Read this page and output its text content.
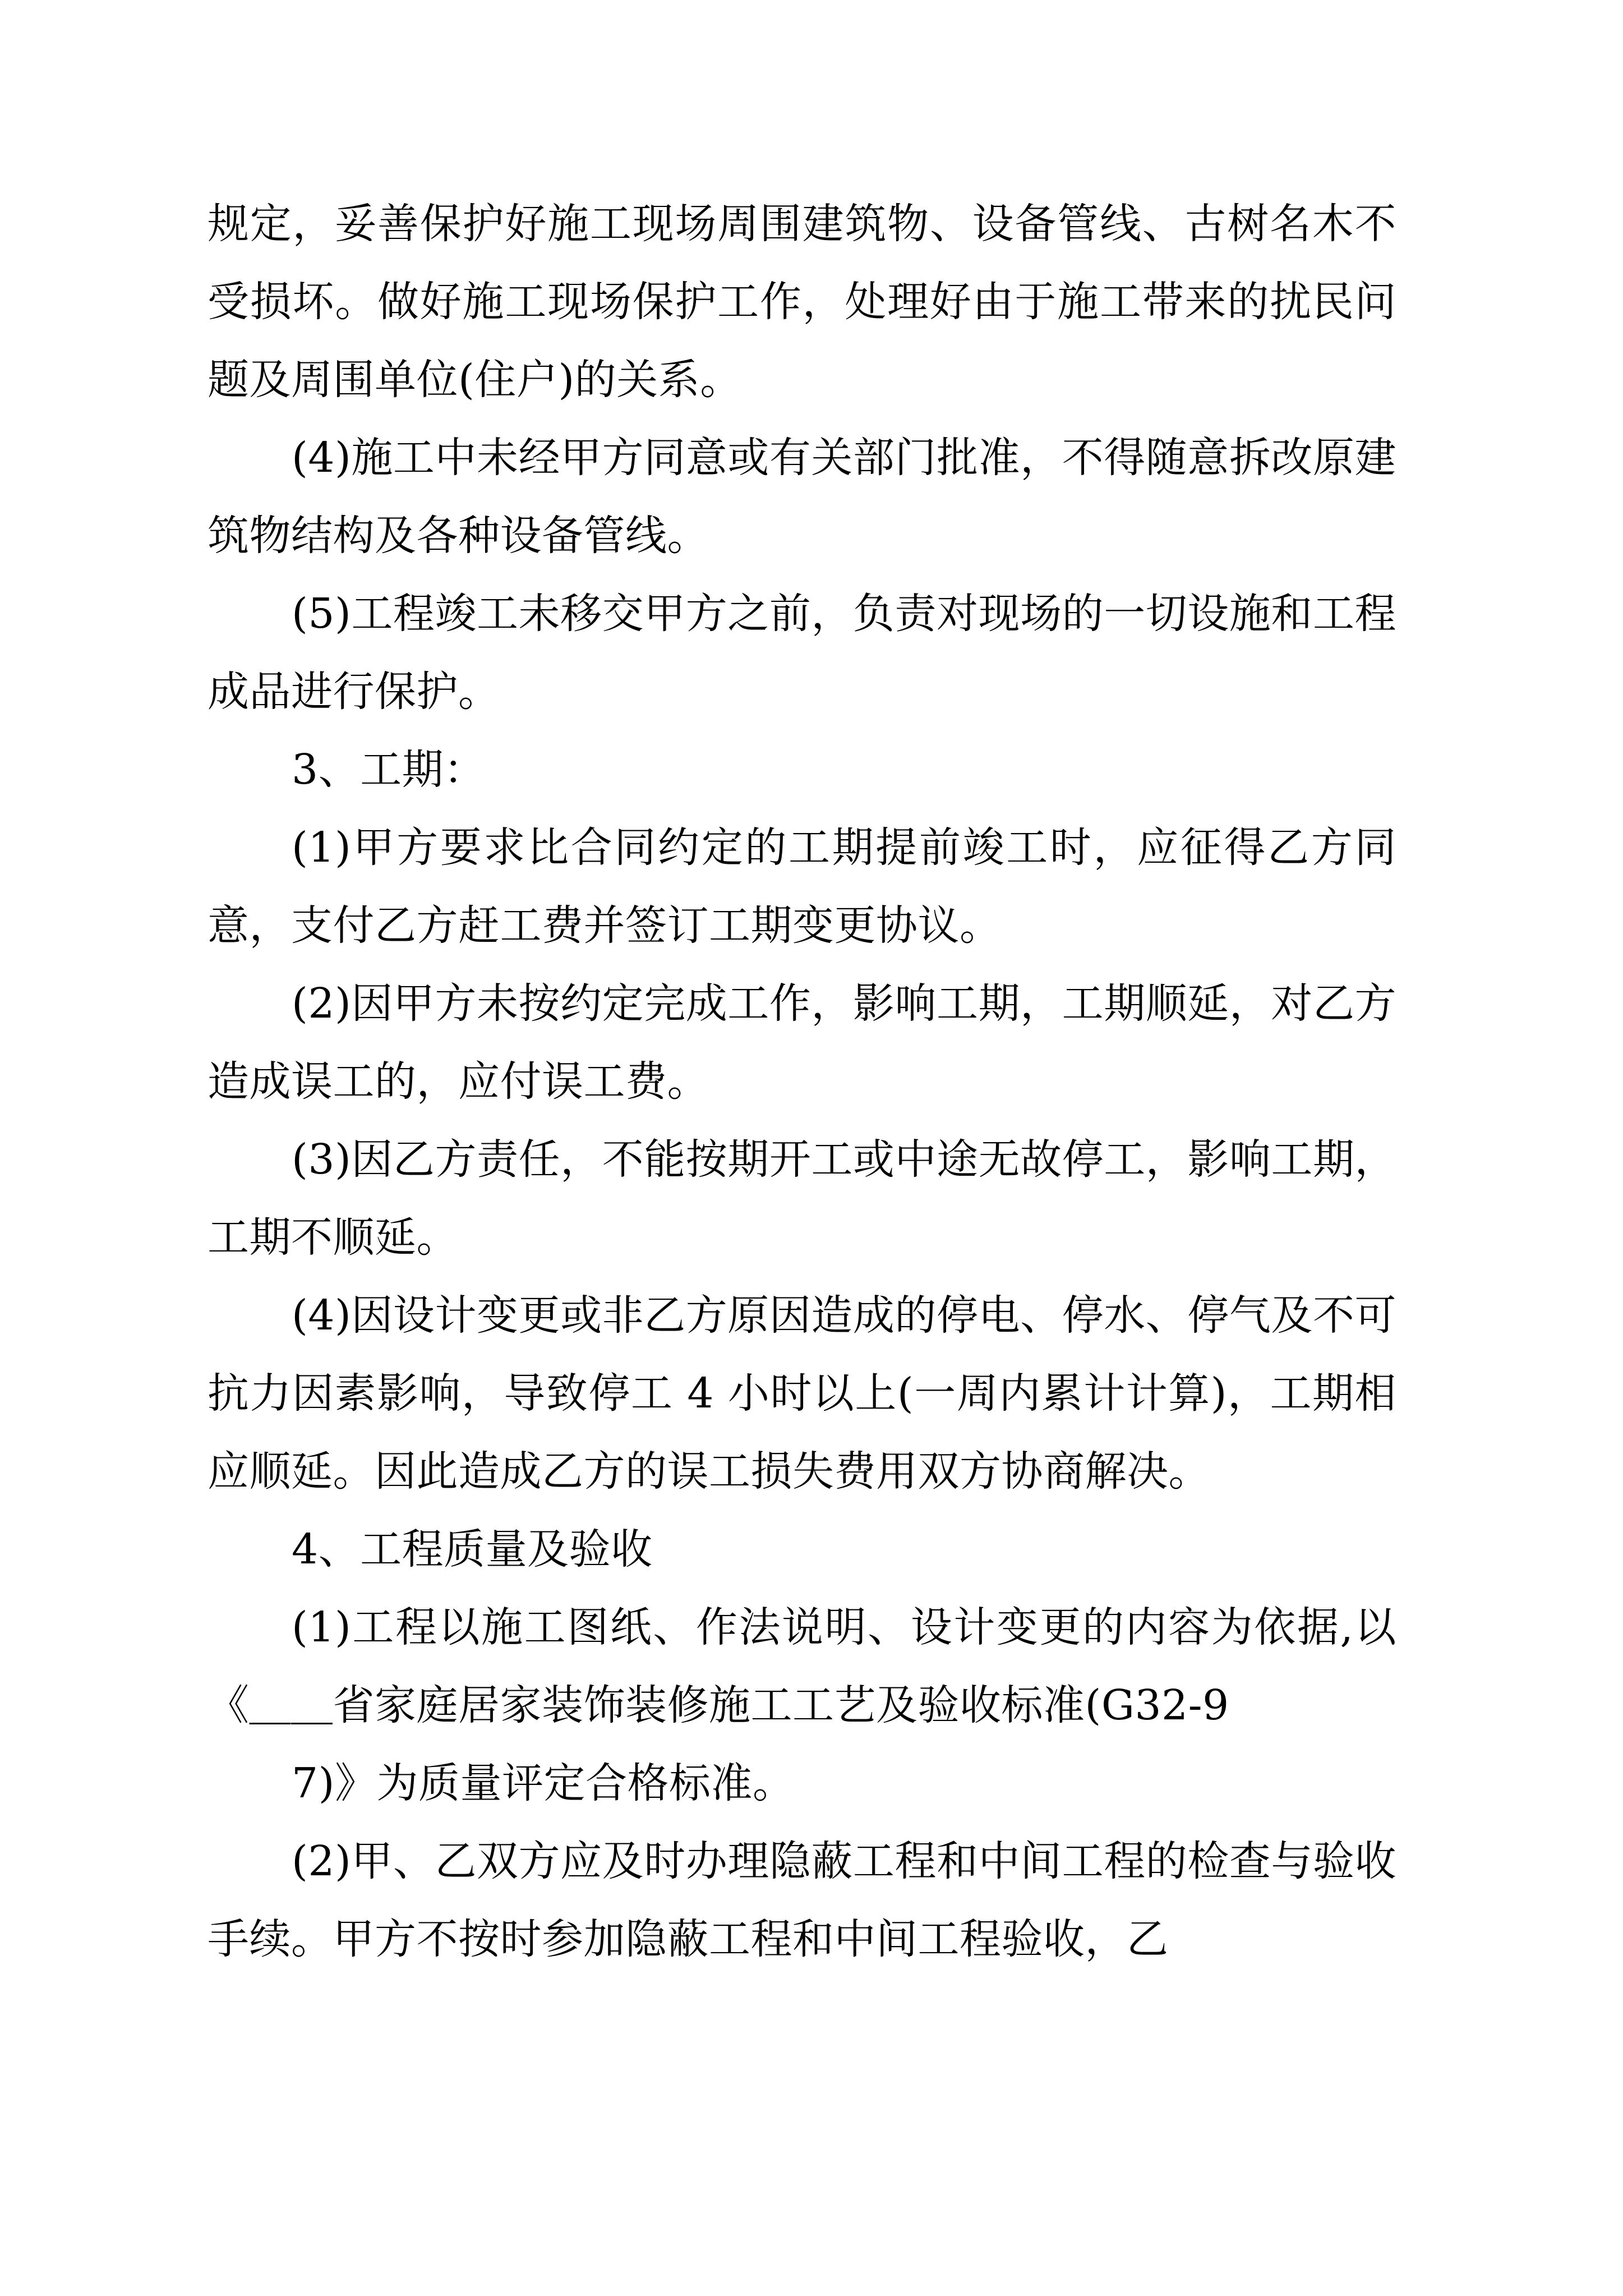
规定，妥善保护好施工现场周围建筑物、设备管线、古树名木不受损坏。做好施工现场保护工作，处理好由于施工带来的扰民问题及周围单位(住户)的关系。

(4)施工中未经甲方同意或有关部门批准，不得随意拆改原建筑物结构及各种设备管线。

(5)工程竣工未移交甲方之前，负责对现场的一切设施和工程成品进行保护。

3、工期：

(1)甲方要求比合同约定的工期提前竣工时，应征得乙方同意，支付乙方赶工费并签订工期变更协议。

(2)因甲方未按约定完成工作，影响工期，工期顺延，对乙方造成误工的，应付误工费。

(3)因乙方责任，不能按期开工或中途无故停工，影响工期，工期不顺延。

(4)因设计变更或非乙方原因造成的停电、停水、停气及不可抗力因素影响，导致停工 4 小时以上(一周内累计计算)，工期相应顺延。因此造成乙方的误工损失费用双方协商解决。

4、工程质量及验收

(1)工程以施工图纸、作法说明、设计变更的内容为依据,以《＿＿省家庭居家装饰装修施工工艺及验收标准(G32-9

7)》为质量评定合格标准。

(2)甲、乙双方应及时办理隐蔽工程和中间工程的检查与验收手续。甲方不按时参加隐蔽工程和中间工程验收，乙
